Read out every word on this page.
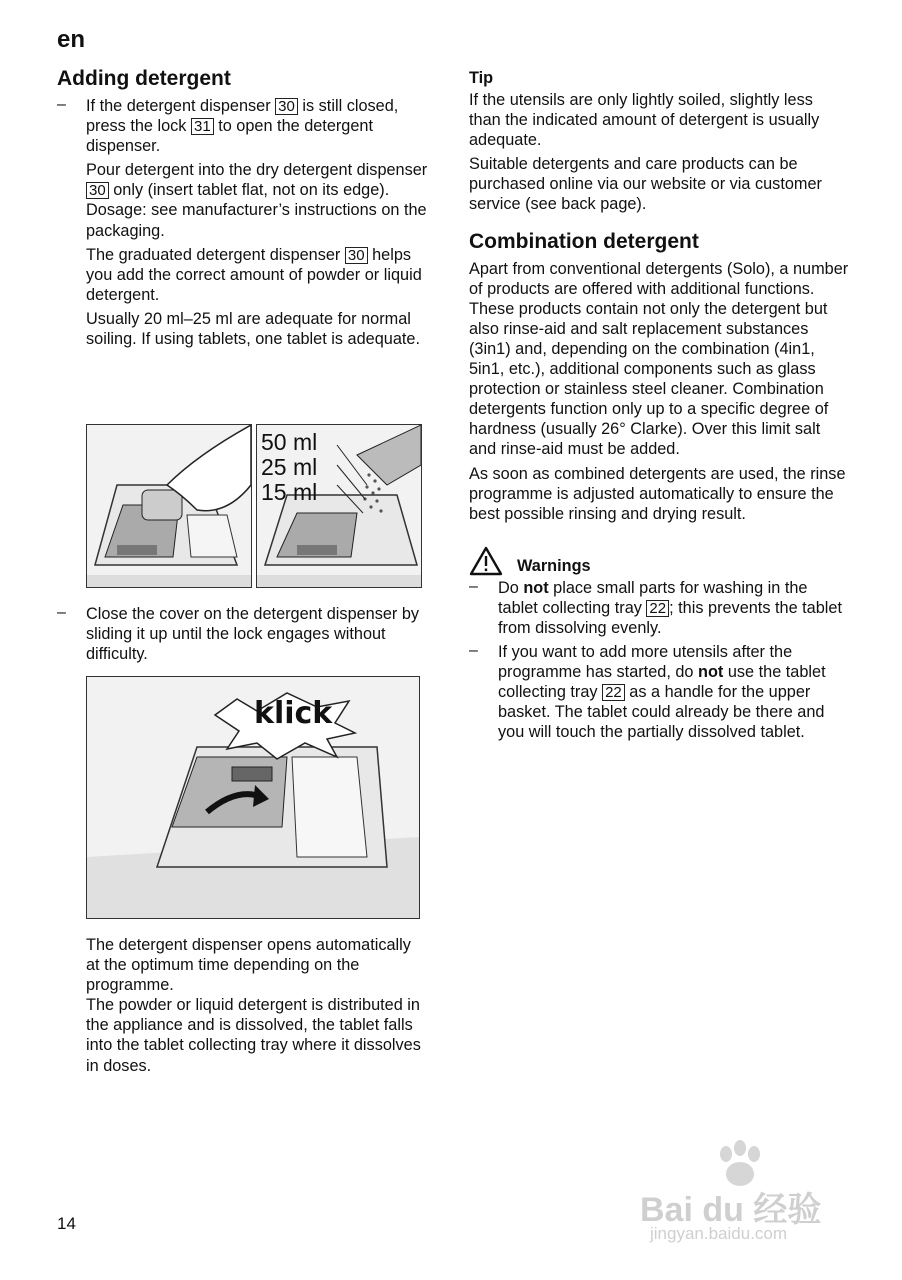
en
Adding detergent
– If the detergent dispenser 30 is still closed, press the lock 31 to open the detergent dispenser.

Pour detergent into the dry detergent dispenser 30 only (insert tablet flat, not on its edge).

Dosage: see manufacturer’s instructions on the packaging.

The graduated detergent dispenser 30 helps you add the correct amount of powder or liquid detergent.

Usually 20 ml–25 ml are adequate for normal soiling. If using tablets, one tablet is adequate.

50 ml
25 ml
15 ml
– Close the cover on the detergent dispenser by sliding it up until the lock engages without difficulty.

klick

The detergent dispenser opens automatically at the optimum time depending on the programme.

The powder or liquid detergent is distributed in the appliance and is dissolved, the tablet falls into the tablet collecting tray where it dissolves in doses.

Tip

If the utensils are only lightly soiled, slightly less than the indicated amount of detergent is usually adequate.

Suitable detergents and care products can be purchased online via our website or via customer service (see back page).

Combination detergent

Apart from conventional detergents (Solo), a number of products are offered with additional functions. These products contain not only the detergent but also rinse-aid and salt replacement substances (3in1) and, depending on the combination (4in1, 5in1, etc.), additional components such as glass protection or stainless steel cleaner. Combination detergents function only up to a specific degree of hardness (usually 26° Clarke). Over this limit salt and rinse-aid must be added.

As soon as combined detergents are used, the rinse programme is adjusted automatically to ensure the best possible rinsing and drying result.

Warnings
– Do not place small parts for washing in the tablet collecting tray 22 ; this prevents the tablet from dissolving evenly.

– If you want to add more utensils after the programme has started, do not use the tablet collecting tray 22 as a handle for the upper basket. The tablet could already be there and you will touch the partially dissolved tablet.

14	Bai du 经验
jingyan.baidu.com
